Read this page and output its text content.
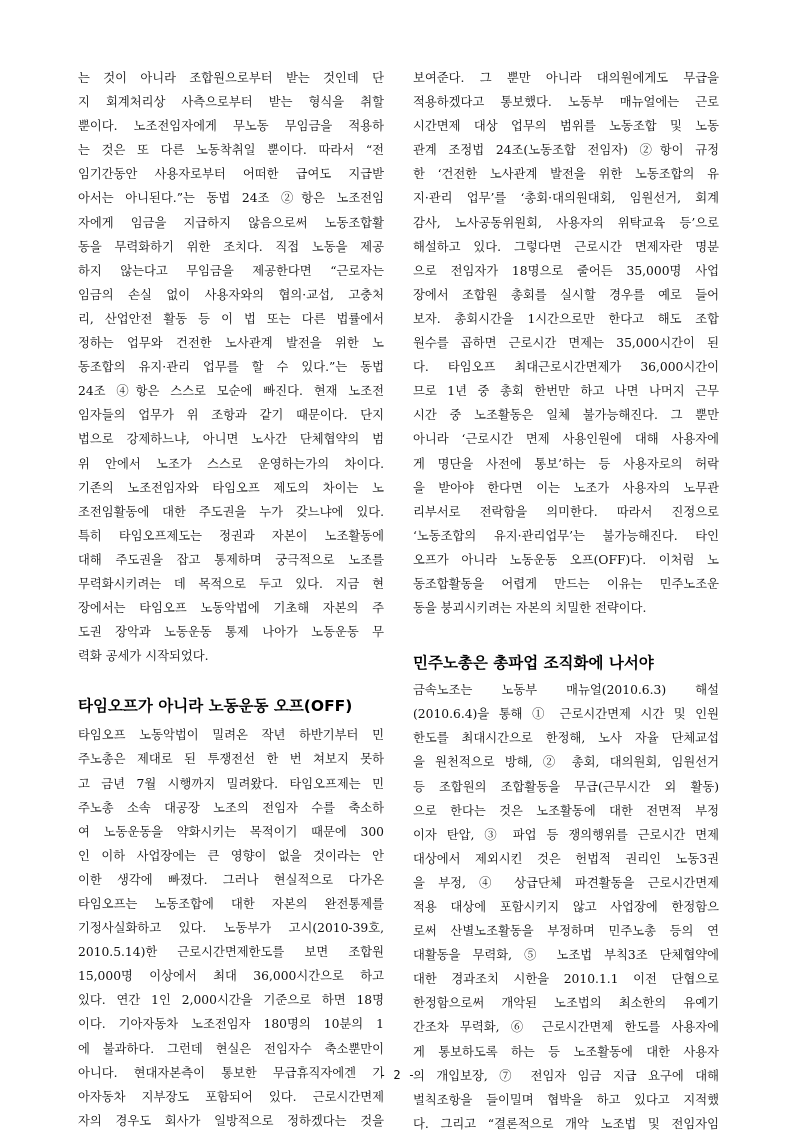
는 것이 아니라 조합원으로부터 받는 것인데 단
지 회계처리상 사측으로부터 받는 형식을 취할
뿐이다. 노조전임자에게 무노동 무임금을 적용하
는 것은 또 다른 노동착취일 뿐이다. 따라서 “전
임기간동안 사용자로부터 어떠한 급여도 지급받
아서는 아니된다.”는 동법 24조 ②항은 노조전임
자에게 임금을 지급하지 않음으로써 노동조합활
동을 무력화하기 위한 조치다. 직접 노동을 제공
하지 않는다고 무임금을 제공한다면 “근로자는
임금의 손실 없이 사용자와의 협의·교섭, 고충처
리, 산업안전 활동 등 이 법 또는 다른 법률에서
정하는 업무와 건전한 노사관계 발전을 위한 노
동조합의 유지·관리 업무를 할 수 있다.”는 동법
24조 ④항은 스스로 모순에 빠진다. 현재 노조전
임자들의 업무가 위 조항과 같기 때문이다. 단지
법으로 강제하느냐, 아니면 노사간 단체협약의 범
위 안에서 노조가 스스로 운영하는가의 차이다.
기존의 노조전임자와 타임오프 제도의 차이는 노
조전임활동에 대한 주도권을 누가 갖느냐에 있다.
특히 타임오프제도는 정권과 자본이 노조활동에
대해 주도권을 잡고 통제하며 궁극적으로 노조를
무력화시키려는 데 목적으로 두고 있다. 지금 현
장에서는 타임오프 노동악법에 기초해 자본의 주
도권 장악과 노동운동 통제 나아가 노동운동 무
력화 공세가 시작되었다.
타임오프가 아니라 노동운동 오프(OFF)
타임오프 노동악법이 밀려온 작년 하반기부터 민
주노총은 제대로 된 투쟁전선 한 번 쳐보지 못하
고 금년 7월 시행까지 밀려왔다. 타임오프제는 민
주노총 소속 대공장 노조의 전임자 수를 축소하
여 노동운동을 약화시키는 목적이기 때문에 300
인 이하 사업장에는 큰 영향이 없을 것이라는 안
이한 생각에 빠졌다. 그러나 현실적으로 다가온
타임오프는 노동조합에 대한 자본의 완전통제를
기정사실화하고 있다. 노동부가 고시(2010-39호,
2010.5.14)한 근로시간면제한도를 보면 조합원
15,000명 이상에서 최대 36,000시간으로 하고
있다. 연간 1인 2,000시간을 기준으로 하면 18명
이다. 기아자동차 노조전임자 180명의 10분의 1
에 불과하다. 그런데 현실은 전임자수 축소뿐만이
아니다. 현대자본측이 통보한 무급휴직자에겐 기
아자동차 지부장도 포함되어 있다. 근로시간면제
자의 경우도 회사가 일방적으로 정하겠다는 것을
보여준다. 그 뿐만 아니라 대의원에게도 무급을
적용하겠다고 통보했다. 노동부 매뉴얼에는 근로
시간면제 대상 업무의 범위를 노동조합 및 노동
관계 조정법 24조(노동조합 전임자) ②항이 규정
한 ‘건전한 노사관계 발전을 위한 노동조합의 유
지·관리 업무’를 ‘총회·대의원대회, 임원선거, 회계
감사, 노사공동위원회, 사용자의 위탁교육 등’으로
해설하고 있다. 그렇다면 근로시간 면제자란 명분
으로 전임자가 18명으로 줄어든 35,000명 사업
장에서 조합원 총회를 실시할 경우를 예로 들어
보자. 총회시간을 1시간으로만 한다고 해도 조합
원수를 곱하면 근로시간 면제는 35,000시간이 된
다. 타임오프 최대근로시간면제가 36,000시간이
므로 1년 중 총회 한번만 하고 나면 나머지 근무
시간 중 노조활동은 일체 불가능해진다. 그 뿐만
아니라 ‘근로시간 면제 사용인원에 대해 사용자에
게 명단을 사전에 통보’하는 등 사용자로의 허락
을 받아야 한다면 이는 노조가 사용자의 노무관
리부서로 전락함을 의미한다. 따라서 진정으로
‘노동조합의 유지·관리업무’는 불가능해진다. 타인
오프가 아니라 노동운동 오프(OFF)다. 이처럼 노
동조합활동을 어렵게 만드는 이유는 민주노조운
동을 붕괴시키려는 자본의 치밀한 전략이다.
민주노총은 총파업 조직화에 나서야
금속노조는 노동부 매뉴얼(2010.6.3) 해설
(2010.6.4)을 통해 ① 근로시간면제 시간 및 인원
한도를 최대시간으로 한정해, 노사 자율 단체교섭
을 원천적으로 방해, ② 총회, 대의원회, 임원선거
등 조합원의 조합활동을 무급(근무시간 외 활동)
으로 한다는 것은 노조활동에 대한 전면적 부정
이자 탄압, ③ 파업 등 쟁의행위를 근로시간 면제
대상에서 제외시킨 것은 헌법적 권리인 노동3권
을 부정, ④ 상급단체 파견활동을 근로시간면제
적용 대상에 포함시키지 않고 사업장에 한정함으
로써 산별노조활동을 부정하며 민주노총 등의 연
대활동을 무력화, ⑤ 노조법 부칙3조 단체협약에
대한 경과조치 시한을 2010.1.1 이전 단협으로
한정함으로써 개악된 노조법의 최소한의 유예기
간조차 무력화, ⑥ 근로시간면제 한도를 사용자에
게 통보하도록 하는 등 노조활동에 대한 사용자
의 개입보장, ⑦ 전임자 임금 지급 요구에 대해
벌칙조항을 들이밀며 협박을 하고 있다고 지적했
다. 그리고 “결론적으로 개악 노조법 및 전임자임
- 2 -
